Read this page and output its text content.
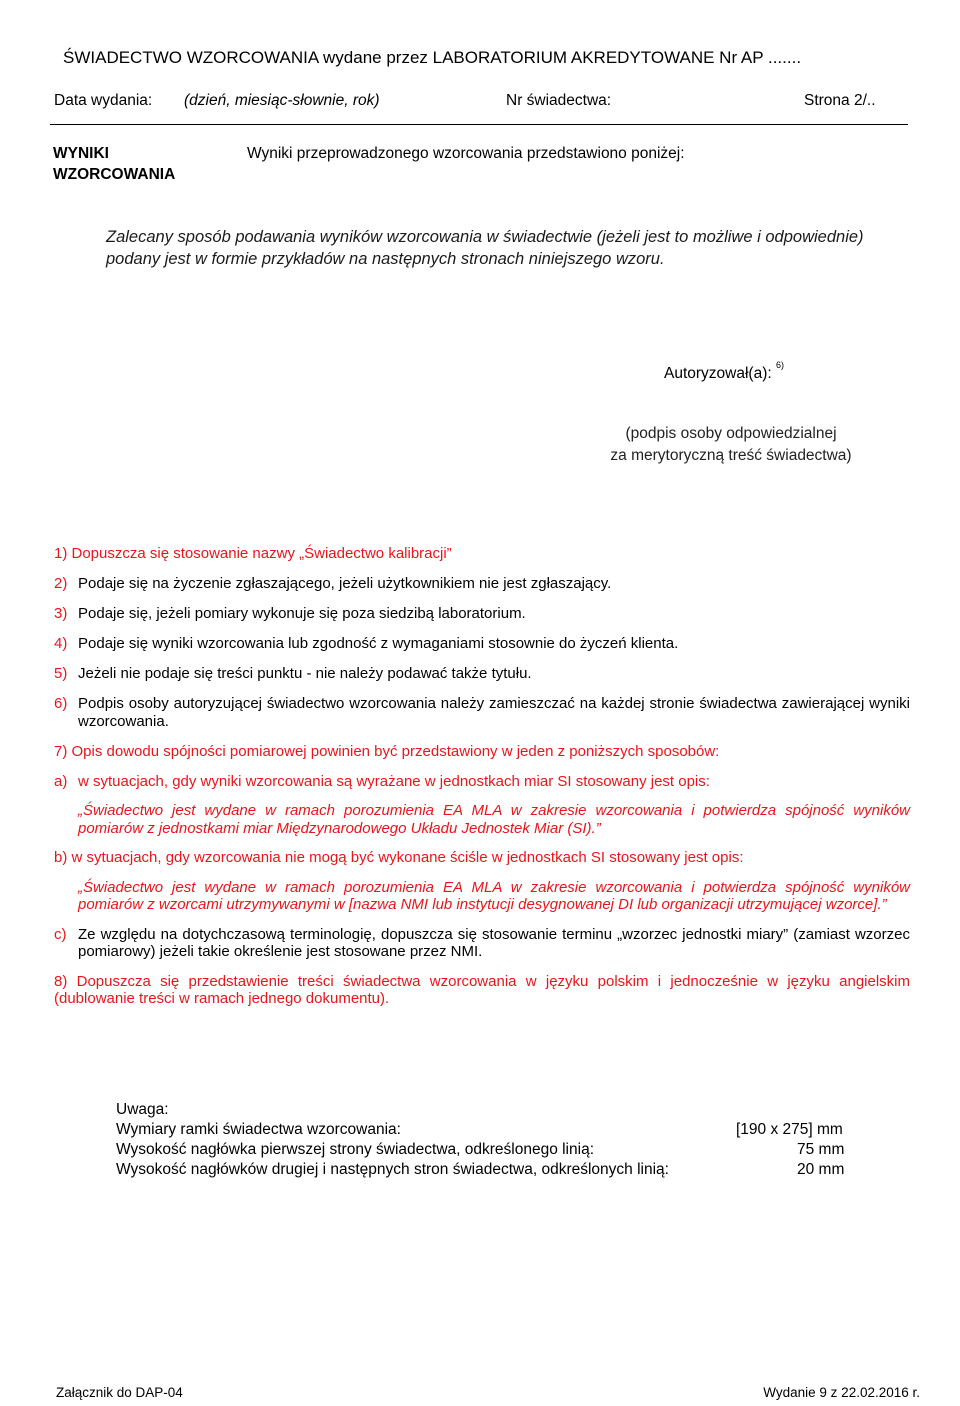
ŚWIADECTWO WZORCOWANIA wydane przez LABORATORIUM AKREDYTOWANE Nr AP .......
Data wydania: (dzień, miesiąc-słownie, rok)	Nr świadectwa:	Strona 2/..
WYNIKI
WZORCOWANIA
Wyniki przeprowadzonego wzorcowania przedstawiono poniżej:
Zalecany sposób podawania wyników wzorcowania w świadectwie (jeżeli jest to możliwe i odpowiednie) podany jest w formie przykładów na następnych stronach niniejszego wzoru.
Autoryzował(a): $^{6)}$
(podpis osoby odpowiedzialnej
za merytoryczną treść świadectwa)
1) Dopuszcza się stosowanie nazwy „Świadectwo kalibracji”
2) Podaje się na życzenie zgłaszającego, jeżeli użytkownikiem nie jest zgłaszający.
3) Podaje się, jeżeli pomiary wykonuje się poza siedzibą laboratorium.
4) Podaje się wyniki wzorcowania lub zgodność z wymaganiami stosownie do życzeń klienta.
5) Jeżeli nie podaje się treści punktu - nie należy podawać także tytułu.
6) Podpis osoby autoryzującej świadectwo wzorcowania należy zamieszczać na każdej stronie świadectwa zawierającej wyniki wzorcowania.
7) Opis dowodu spójności pomiarowej powinien być przedstawiony w jeden z poniższych sposobów:
a) w sytuacjach, gdy wyniki wzorcowania są wyrażane w jednostkach miar SI stosowany jest opis:
„Świadectwo jest wydane w ramach porozumienia EA MLA w zakresie wzorcowania i potwierdza spójność wyników pomiarów z jednostkami miar Międzynarodowego Układu Jednostek Miar (SI).”
b) w sytuacjach, gdy wzorcowania nie mogą być wykonane ściśle w jednostkach SI stosowany jest opis:
„Świadectwo jest wydane w ramach porozumienia EA MLA w zakresie wzorcowania i potwierdza spójność wyników pomiarów z wzorcami utrzymywanymi w [nazwa NMI lub instytucji desygnowanej DI lub organizacji utrzymującej wzorce].”
c) Ze względu na dotychczasową terminologię, dopuszcza się stosowanie terminu „wzorzec jednostki miary” (zamiast wzorzec pomiarowy) jeżeli takie określenie jest stosowane przez NMI.
8) Dopuszcza się przedstawienie treści świadectwa wzorcowania w języku polskim i jednocześnie w języku angielskim (dublowanie treści w ramach jednego dokumentu).
Uwaga:
Wymiary ramki świadectwa wzorcowania:	[190 x 275] mm
Wysokość nagłówka pierwszej strony świadectwa, odkreślonego linią:	75 mm
Wysokość nagłówków drugiej i następnych stron świadectwa, odkreślonych linią:	20 mm
Załącznik do DAP-04	Wydanie 9 z 22.02.2016 r.
